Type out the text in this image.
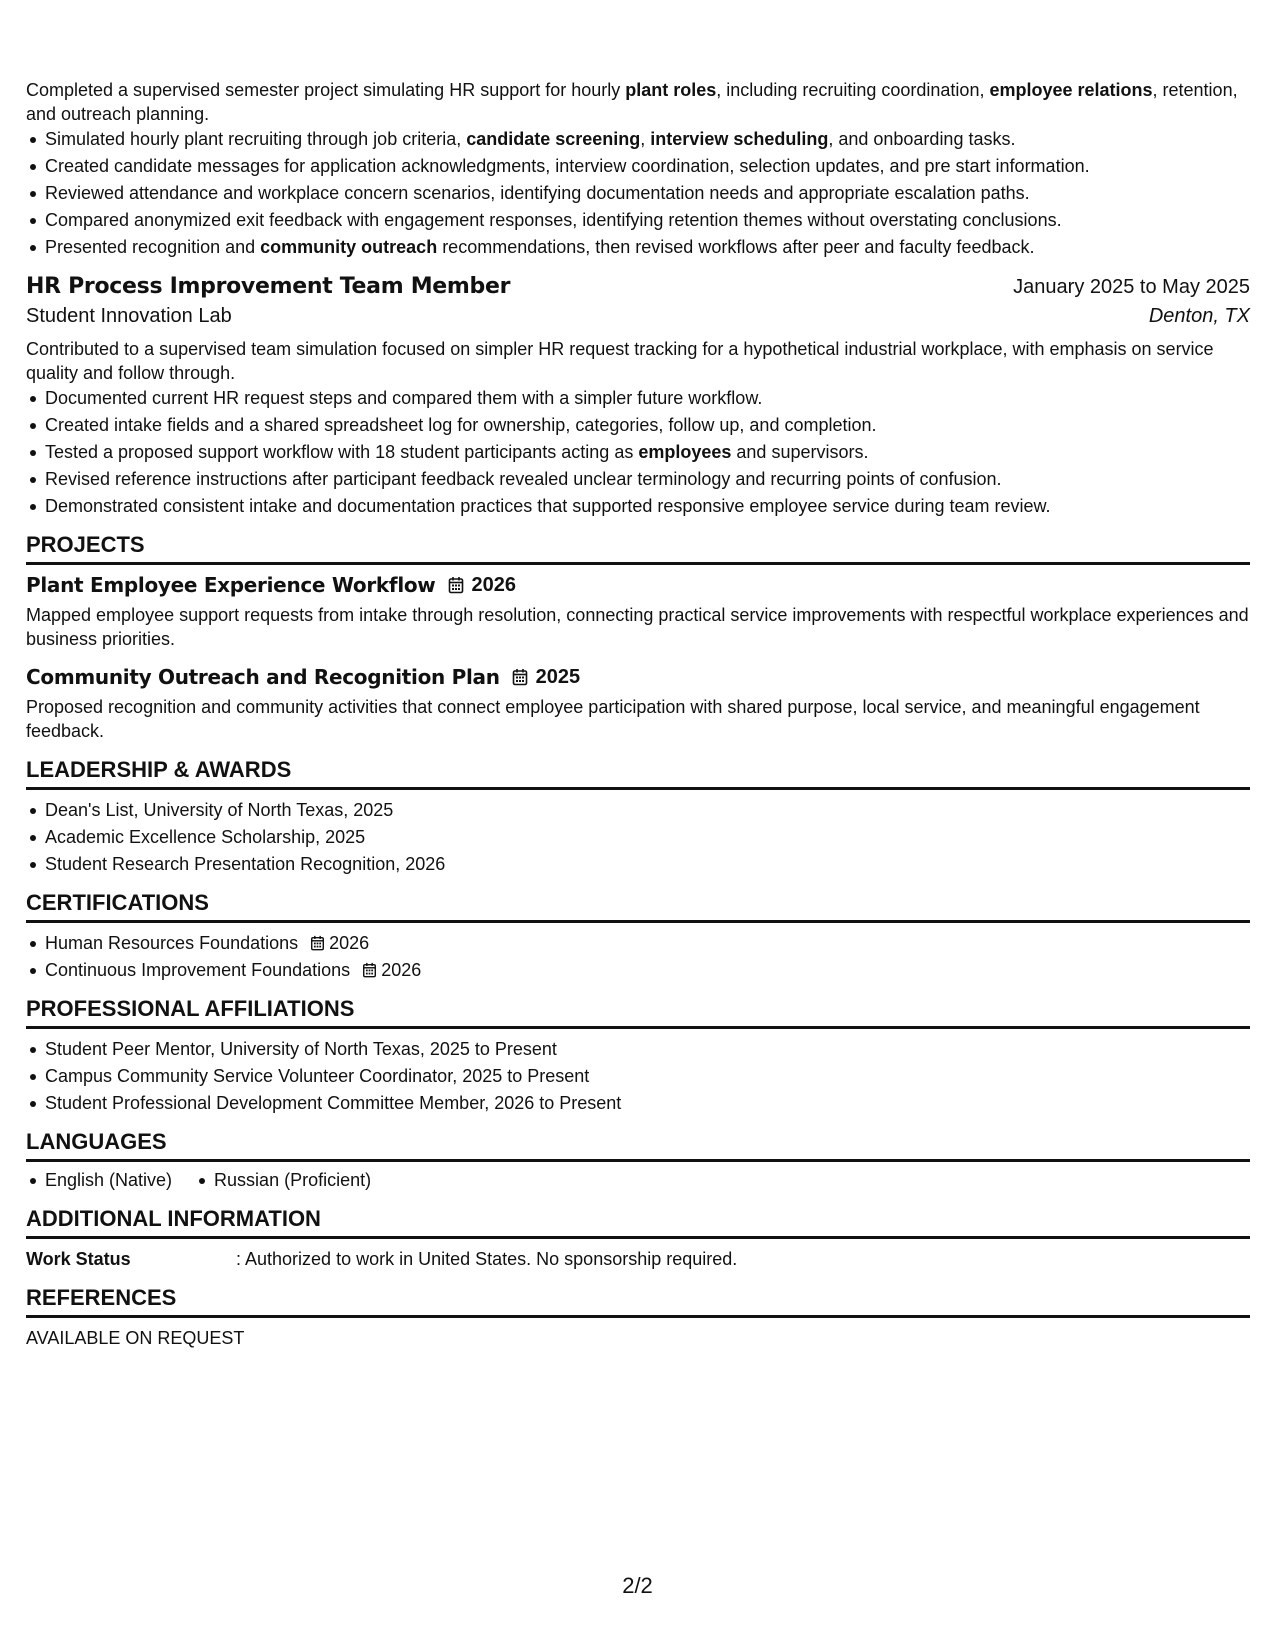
Completed a supervised semester project simulating HR support for hourly plant roles, including recruiting coordination, employee relations, retention, and outreach planning.

Simulated hourly plant recruiting through job criteria, candidate screening, interview scheduling, and onboarding tasks.
Created candidate messages for application acknowledgments, interview coordination, selection updates, and pre start information.
Reviewed attendance and workplace concern scenarios, identifying documentation needs and appropriate escalation paths.
Compared anonymized exit feedback with engagement responses, identifying retention themes without overstating conclusions.
Presented recognition and community outreach recommendations, then revised workflows after peer and faculty feedback.
HR Process Improvement Team Member	January 2025 to May 2025
Student Innovation Lab	Denton, TX

Contributed to a supervised team simulation focused on simpler HR request tracking for a hypothetical industrial workplace, with emphasis on service quality and follow through.

Documented current HR request steps and compared them with a simpler future workflow.
Created intake fields and a shared spreadsheet log for ownership, categories, follow up, and completion.
Tested a proposed support workflow with 18 student participants acting as employees and supervisors.
Revised reference instructions after participant feedback revealed unclear terminology and recurring points of confusion.
Demonstrated consistent intake and documentation practices that supported responsive employee service during team review.
PROJECTS
Plant Employee Experience Workflow 2026

Mapped employee support requests from intake through resolution, connecting practical service improvements with respectful workplace experiences and business priorities.

Community Outreach and Recognition Plan 2025

Proposed recognition and community activities that connect employee participation with shared purpose, local service, and meaningful engagement feedback.

LEADERSHIP & AWARDS
Dean's List, University of North Texas, 2025
Academic Excellence Scholarship, 2025
Student Research Presentation Recognition, 2026
CERTIFICATIONS
Human Resources Foundations 2026
Continuous Improvement Foundations 2026
PROFESSIONAL AFFILIATIONS
Student Peer Mentor, University of North Texas, 2025 to Present
Campus Community Service Volunteer Coordinator, 2025 to Present
Student Professional Development Committee Member, 2026 to Present
LANGUAGES
English (Native) Russian (Proficient)
ADDITIONAL INFORMATION
Work Status	: Authorized to work in United States. No sponsorship required.
REFERENCES
AVAILABLE ON REQUEST
2/2
